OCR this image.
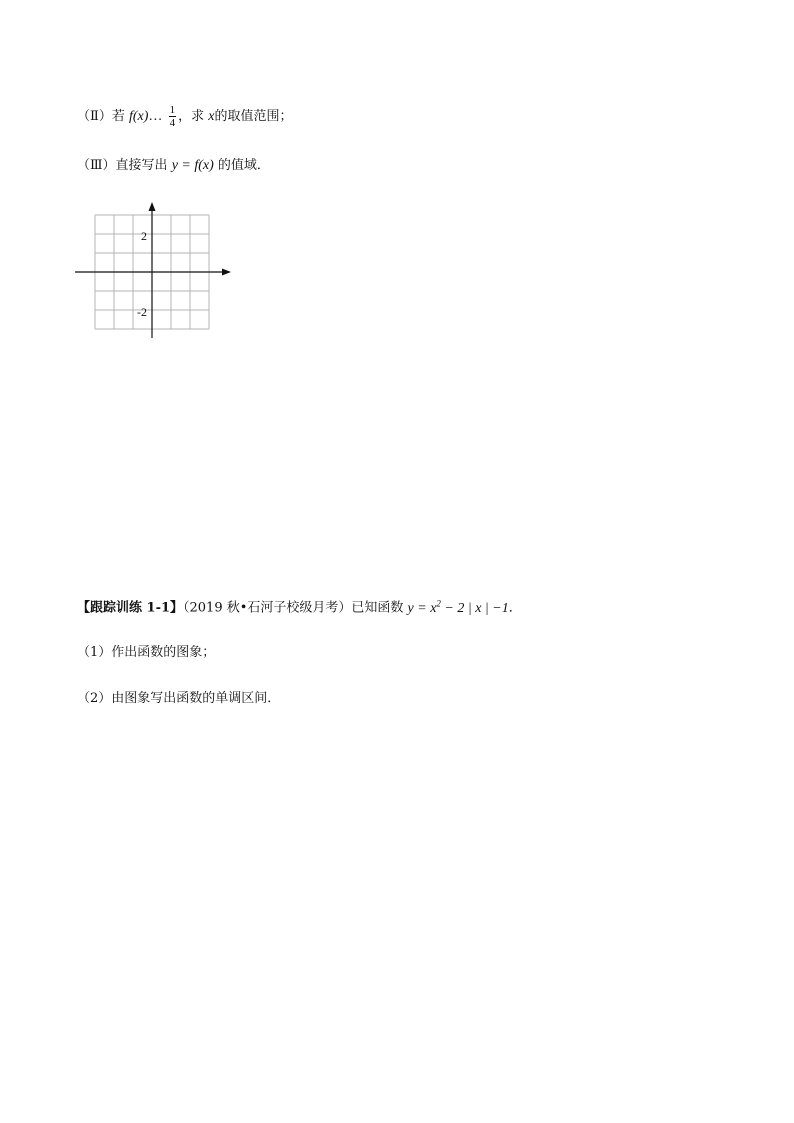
（Ⅱ）若 f(x)… $\frac{1}{4}$ ，求 x的取值范围；
（Ⅲ）直接写出 y = f(x) 的值域．
2
-2
【跟踪训练 1-1】（2019 秋•石河子校级月考）已知函数 $y = x^2 - 2$ | x | −1．
（1）作出函数的图象；
（2）由图象写出函数的单调区间．
